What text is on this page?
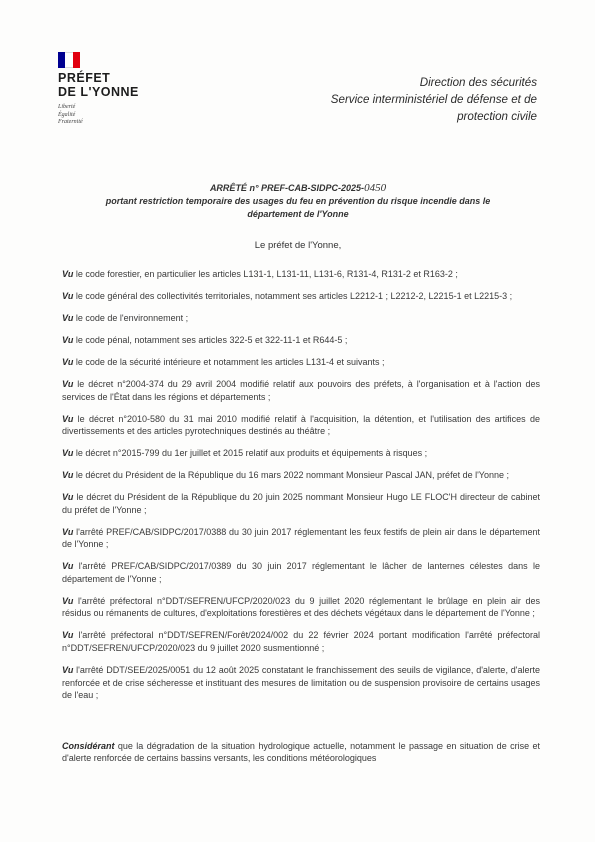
PRÉFET
DE L'YONNE
Liberté
Égalité
Fraternité
Direction des sécurités
Service interministériel de défense et de
protection civile
ARRÊTÉ n° PREF-CAB-SIDPC-2025-0450
portant restriction temporaire des usages du feu en prévention du risque incendie dans le
département de l'Yonne
Le préfet de l'Yonne,
Vu le code forestier, en particulier les articles L131-1, L131-11, L131-6, R131-4, R131-2 et R163-2 ;
Vu le code général des collectivités territoriales, notamment ses articles L2212-1 ; L2212-2, L2215-1 et L2215-3 ;
Vu le code de l'environnement ;
Vu le code pénal, notamment ses articles 322-5 et 322-11-1 et R644-5 ;
Vu le code de la sécurité intérieure et notamment les articles L131-4 et suivants ;
Vu le décret n°2004-374 du 29 avril 2004 modifié relatif aux pouvoirs des préfets, à l'organisation et à l'action des services de l'État dans les régions et départements ;
Vu le décret n°2010-580 du 31 mai 2010 modifié relatif à l'acquisition, la détention, et l'utilisation des artifices de divertissements et des articles pyrotechniques destinés au théâtre ;
Vu le décret n°2015-799 du 1er juillet et 2015 relatif aux produits et équipements à risques ;
Vu le décret du Président de la République du 16 mars 2022 nommant Monsieur Pascal JAN, préfet de l'Yonne ;
Vu le décret du Président de la République du 20 juin 2025 nommant Monsieur Hugo LE FLOC'H directeur de cabinet du préfet de l'Yonne ;
Vu l'arrêté PREF/CAB/SIDPC/2017/0388 du 30 juin 2017 réglementant les feux festifs de plein air dans le département de l'Yonne ;
Vu l'arrêté PREF/CAB/SIDPC/2017/0389 du 30 juin 2017 réglementant le lâcher de lanternes célestes dans le département de l'Yonne ;
Vu l'arrêté préfectoral n°DDT/SEFREN/UFCP/2020/023 du 9 juillet 2020 réglementant le brûlage en plein air des résidus ou rémanents de cultures, d'exploitations forestières et des déchets végétaux dans le département de l'Yonne ;
Vu l'arrêté préfectoral n°DDT/SEFREN/Forêt/2024/002 du 22 février 2024 portant modification l'arrêté préfectoral n°DDT/SEFREN/UFCP/2020/023 du 9 juillet 2020 susmentionné ;
Vu l'arrêté DDT/SEE/2025/0051 du 12 août 2025 constatant le franchissement des seuils de vigilance, d'alerte, d'alerte renforcée et de crise sécheresse et instituant des mesures de limitation ou de suspension provisoire de certains usages de l'eau ;
Considérant que la dégradation de la situation hydrologique actuelle, notamment le passage en situation de crise et d'alerte renforcée de certains bassins versants, les conditions météorologiques
